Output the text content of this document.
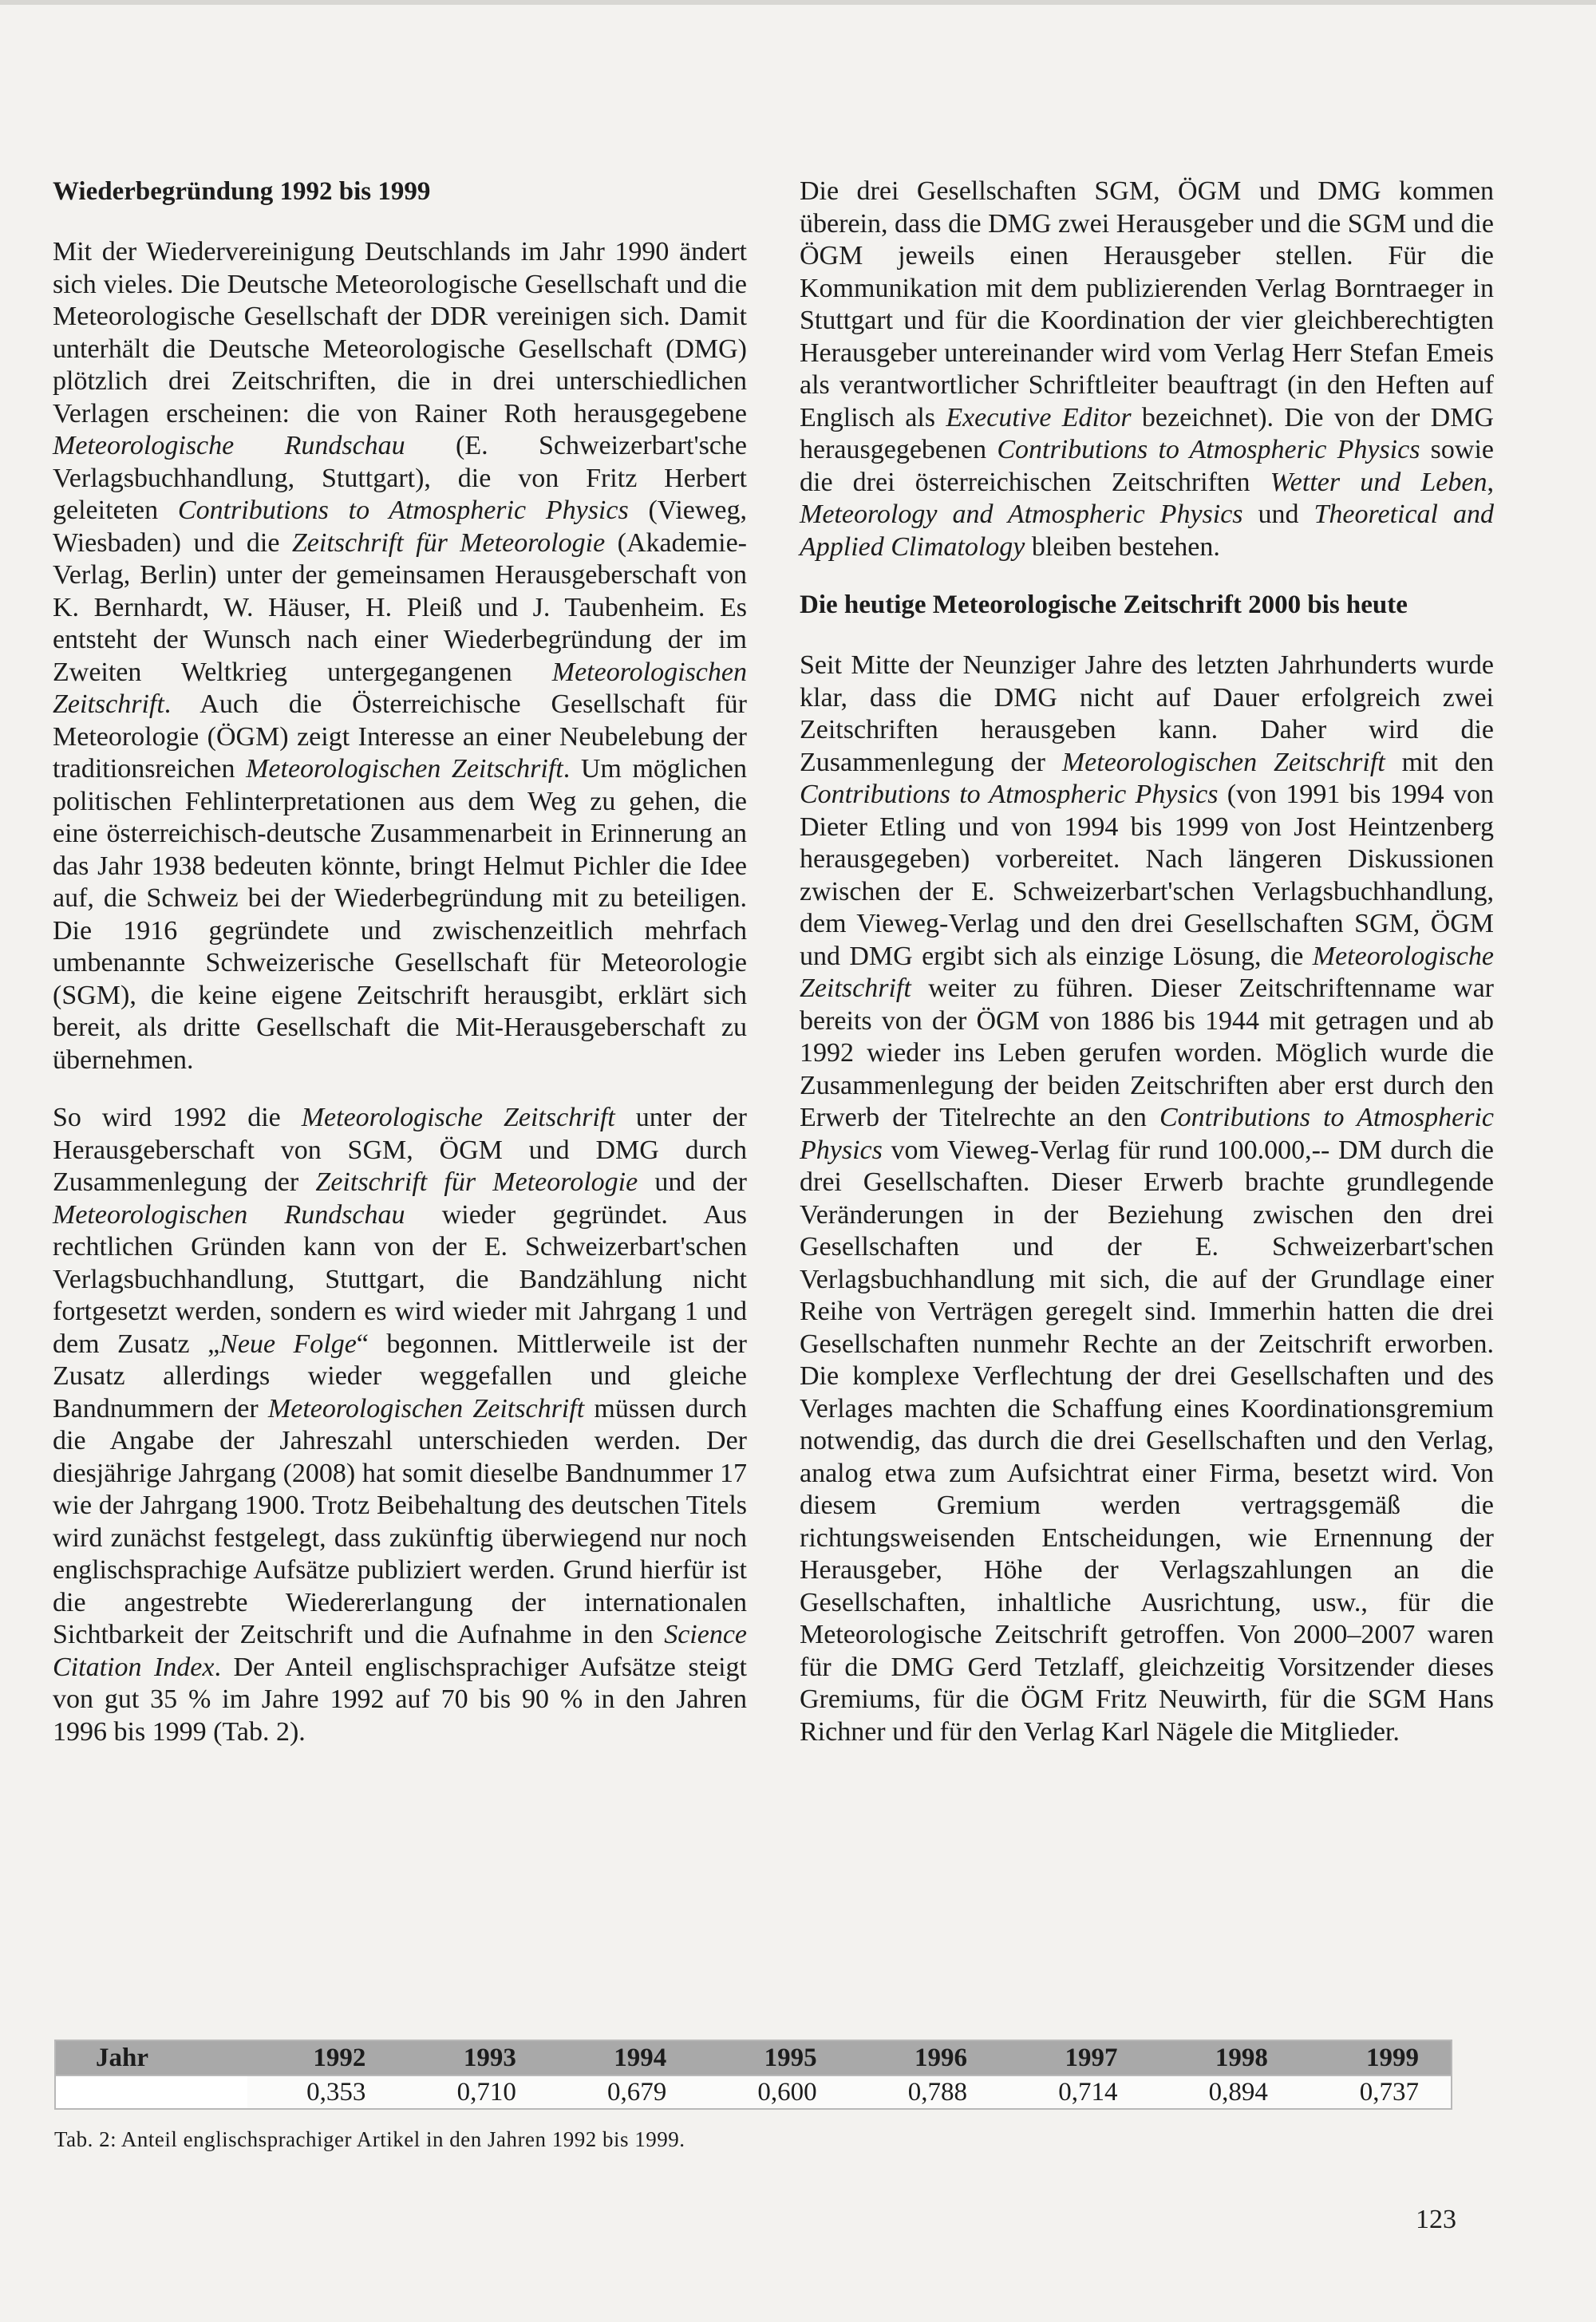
Wiederbegründung 1992 bis 1999

Mit der Wiedervereinigung Deutschlands im Jahr 1990 ändert sich vieles. Die Deutsche Meteorologische Gesellschaft und die Meteorologische Gesellschaft der DDR vereinigen sich. Damit unterhält die Deutsche Meteorologische Gesellschaft (DMG) plötzlich drei Zeitschriften, die in drei unterschiedlichen Verlagen erscheinen: die von Rainer Roth herausgegebene Meteorologische Rundschau (E. Schweizerbart'sche Verlagsbuchhandlung, Stuttgart), die von Fritz Herbert geleiteten Contributions to Atmospheric Physics (Vieweg, Wiesbaden) und die Zeitschrift für Meteorologie (Akademie-Verlag, Berlin) unter der gemeinsamen Herausgeberschaft von K. Bernhardt, W. Häuser, H. Pleiß und J. Taubenheim. Es entsteht der Wunsch nach einer Wiederbegründung der im Zweiten Weltkrieg untergegangenen Meteorologischen Zeitschrift. Auch die Österreichische Gesellschaft für Meteorologie (ÖGM) zeigt Interesse an einer Neubelebung der traditionsreichen Meteorologischen Zeitschrift. Um möglichen politischen Fehlinterpretationen aus dem Weg zu gehen, die eine österreichisch-deutsche Zusammenarbeit in Erinnerung an das Jahr 1938 bedeuten könnte, bringt Helmut Pichler die Idee auf, die Schweiz bei der Wiederbegründung mit zu beteiligen. Die 1916 gegründete und zwischenzeitlich mehrfach umbenannte Schweizerische Gesellschaft für Meteorologie (SGM), die keine eigene Zeitschrift herausgibt, erklärt sich bereit, als dritte Gesellschaft die Mit-Herausgeberschaft zu übernehmen.

So wird 1992 die Meteorologische Zeitschrift unter der Herausgeberschaft von SGM, ÖGM und DMG durch Zusammenlegung der Zeitschrift für Meteorologie und der Meteorologischen Rundschau wieder gegründet. Aus rechtlichen Gründen kann von der E. Schweizerbart'schen Verlagsbuchhandlung, Stuttgart, die Bandzählung nicht fortgesetzt werden, sondern es wird wieder mit Jahrgang 1 und dem Zusatz „Neue Folge“ begonnen. Mittlerweile ist der Zusatz allerdings wieder weggefallen und gleiche Bandnummern der Meteorologischen Zeitschrift müssen durch die Angabe der Jahreszahl unterschieden werden. Der diesjährige Jahrgang (2008) hat somit dieselbe Bandnummer 17 wie der Jahrgang 1900. Trotz Beibehaltung des deutschen Titels wird zunächst festgelegt, dass zukünftig überwiegend nur noch englischsprachige Aufsätze publiziert werden. Grund hierfür ist die angestrebte Wiedererlangung der internationalen Sichtbarkeit der Zeitschrift und die Aufnahme in den Science Citation Index. Der Anteil englischsprachiger Aufsätze steigt von gut 35 % im Jahre 1992 auf 70 bis 90 % in den Jahren 1996 bis 1999 (Tab. 2).

Die drei Gesellschaften SGM, ÖGM und DMG kommen überein, dass die DMG zwei Herausgeber und die SGM und die ÖGM jeweils einen Herausgeber stellen. Für die Kommunikation mit dem publizierenden Verlag Borntraeger in Stuttgart und für die Koordination der vier gleichberechtigten Herausgeber untereinander wird vom Verlag Herr Stefan Emeis als verantwortlicher Schriftleiter beauftragt (in den Heften auf Englisch als Executive Editor bezeichnet). Die von der DMG herausgegebenen Contributions to Atmospheric Physics sowie die drei österreichischen Zeitschriften Wetter und Leben, Meteorology and Atmospheric Physics und Theoretical and Applied Climatology bleiben bestehen.

Die heutige Meteorologische Zeitschrift 2000 bis heute

Seit Mitte der Neunziger Jahre des letzten Jahrhunderts wurde klar, dass die DMG nicht auf Dauer erfolgreich zwei Zeitschriften herausgeben kann. Daher wird die Zusammenlegung der Meteorologischen Zeitschrift mit den Contributions to Atmospheric Physics (von 1991 bis 1994 von Dieter Etling und von 1994 bis 1999 von Jost Heintzenberg herausgegeben) vorbereitet. Nach längeren Diskussionen zwischen der E. Schweizerbart'schen Verlagsbuchhandlung, dem Vieweg-Verlag und den drei Gesellschaften SGM, ÖGM und DMG ergibt sich als einzige Lösung, die Meteorologische Zeitschrift weiter zu führen. Dieser Zeitschriftenname war bereits von der ÖGM von 1886 bis 1944 mit getragen und ab 1992 wieder ins Leben gerufen worden. Möglich wurde die Zusammenlegung der beiden Zeitschriften aber erst durch den Erwerb der Titelrechte an den Contributions to Atmospheric Physics vom Vieweg-Verlag für rund 100.000,-- DM durch die drei Gesellschaften. Dieser Erwerb brachte grundlegende Veränderungen in der Beziehung zwischen den drei Gesellschaften und der E. Schweizerbart'schen Verlagsbuchhandlung mit sich, die auf der Grundlage einer Reihe von Verträgen geregelt sind. Immerhin hatten die drei Gesellschaften nunmehr Rechte an der Zeitschrift erworben. Die komplexe Verflechtung der drei Gesellschaften und des Verlages machten die Schaffung eines Koordinationsgremium notwendig, das durch die drei Gesellschaften und den Verlag, analog etwa zum Aufsichtrat einer Firma, besetzt wird. Von diesem Gremium werden vertragsgemäß die richtungsweisenden Entscheidungen, wie Ernennung der Herausgeber, Höhe der Verlagszahlungen an die Gesellschaften, inhaltliche Ausrichtung, usw., für die Meteorologische Zeitschrift getroffen. Von 2000–2007 waren für die DMG Gerd Tetzlaff, gleichzeitig Vorsitzender dieses Gremiums, für die ÖGM Fritz Neuwirth, für die SGM Hans Richner und für den Verlag Karl Nägele die Mitglieder.

Jahr	1992	1993	1994	1995	1996	1997	1998	1999
	0,353	0,710	0,679	0,600	0,788	0,714	0,894	0,737
Tab. 2: Anteil englischsprachiger Artikel in den Jahren 1992 bis 1999.
123
